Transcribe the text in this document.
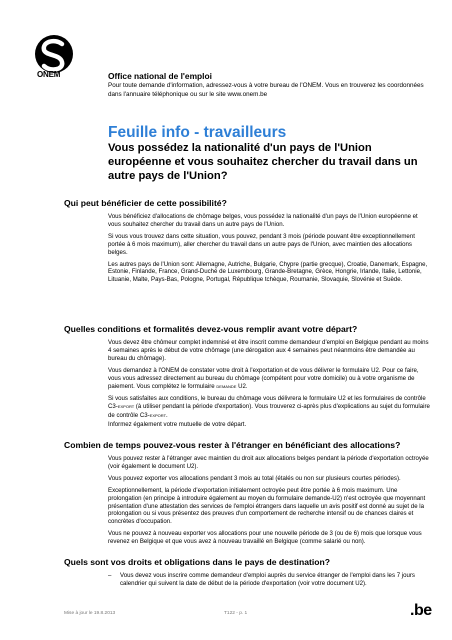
ONEM	Office national de l'emploi
Pour toute demande d'information, adressez-vous à votre bureau de l'ONEM. Vous en trouverez les coordonnées dans l'annuaire téléphonique ou sur le site www.onem.be
Feuille info - travailleurs
Vous possédez la nationalité d'un pays de l'Union européenne et vous souhaitez chercher du travail dans un autre pays de l'Union?
Qui peut bénéficier de cette possibilité?

Vous bénéficiez d'allocations de chômage belges, vous possédez la nationalité d'un pays de l'Union européenne et vous souhaitez chercher du travail dans un autre pays de l'Union.

Si vous vous trouvez dans cette situation, vous pouvez, pendant 3 mois (période pouvant être exceptionnellement portée à 6 mois maximum), aller chercher du travail dans un autre pays de l'Union, avec maintien des allocations belges.

Les autres pays de l'Union sont: Allemagne, Autriche, Bulgarie, Chypre (partie grecque), Croatie, Danemark, Espagne, Estonie, Finlande, France, Grand-Duché de Luxembourg, Grande-Bretagne, Grèce, Hongrie, Irlande, Italie, Lettonie, Lituanie, Malte, Pays-Bas, Pologne, Portugal, République tchèque, Roumanie, Slovaquie, Slovénie et Suède.

Quelles conditions et formalités devez-vous remplir avant votre départ?

Vous devez être chômeur complet indemnisé et être inscrit comme demandeur d'emploi en Belgique pendant au moins 4 semaines après le début de votre chômage (une dérogation aux 4 semaines peut néanmoins être demandée au bureau du chômage).

Vous demandez à l'ONEM de constater votre droit à l'exportation et de vous délivrer le formulaire U2. Pour ce faire, vous vous adressez directement au bureau du chômage (compétent pour votre domicile) ou à votre organisme de paiement. Vous complétez le formulaire demande U2.

Si vous satisfaites aux conditions, le bureau du chômage vous délivrera le formulaire U2 et les formulaires de contrôle C3-export (à utiliser pendant la période d'exportation). Vous trouverez ci-après plus d'explications au sujet du formulaire de contrôle C3-export.
Informez également votre mutuelle de votre départ.

Combien de temps pouvez-vous rester à l'étranger en bénéficiant des allocations?

Vous pouvez rester à l'étranger avec maintien du droit aux allocations belges pendant la période d'exportation octroyée (voir également le document U2).

Vous pouvez exporter vos allocations pendant 3 mois au total (étalés ou non sur plusieurs courtes périodes).

Exceptionnellement, la période d'exportation initialement octroyée peut être portée à 6 mois maximum. Une prolongation (en principe à introduire également au moyen du formulaire demande-U2) n'est octroyée que moyennant présentation d'une attestation des services de l'emploi étrangers dans laquelle un avis positif est donné au sujet de la prolongation ou si vous présentez des preuves d'un comportement de recherche intensif ou de chances claires et concrètes d'occupation.

Vous ne pouvez à nouveau exporter vos allocations pour une nouvelle période de 3 (ou de 6) mois que lorsque vous revenez en Belgique et que vous avez à nouveau travaillé en Belgique (comme salarié ou non).

Quels sont vos droits et obligations dans le pays de destination?
–	Vous devez vous inscrire comme demandeur d'emploi auprès du service étranger de l'emploi dans les 7 jours calendrier qui suivent la date de début de la période d'exportation (voir votre document U2).
Mise à jour le 19.8.2013	T122 - p. 1	.be
